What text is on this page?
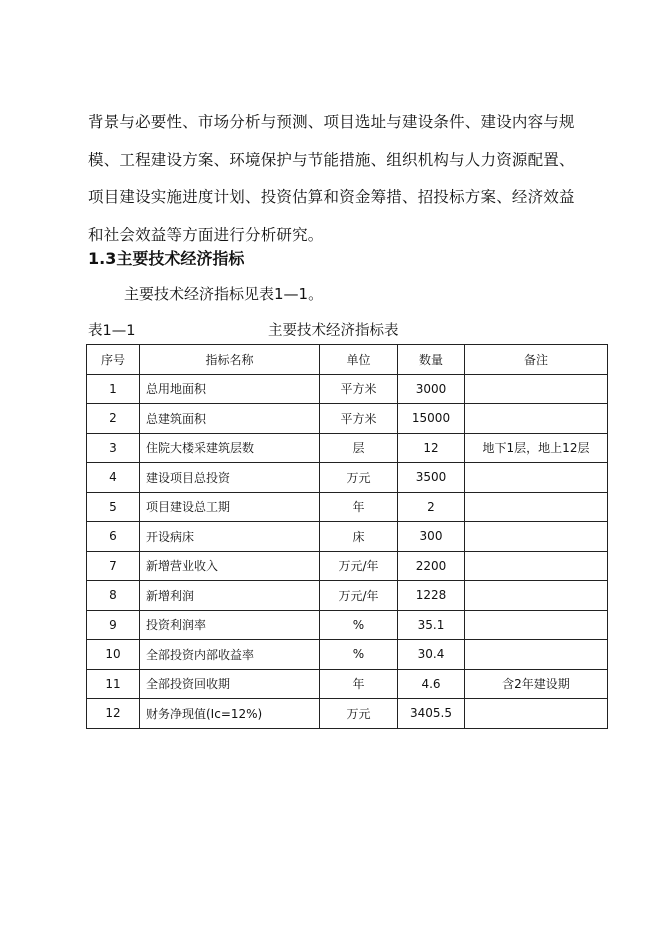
背景与必要性、市场分析与预测、项目选址与建设条件、建设内容与规模、工程建设方案、环境保护与节能措施、组织机构与人力资源配置、项目建设实施进度计划、投资估算和资金筹措、招投标方案、经济效益和社会效益等方面进行分析研究。

1.3主要技术经济指标
主要技术经济指标见表1—1。
表1—1	主要技术经济指标表
序号	指标名称	单位	数量	备注
1	总用地面积	平方米	3000	
2	总建筑面积	平方米	15000	
3	住院大楼采建筑层数	层	12	地下1层，地上12层
4	建设项目总投资	万元	3500	
5	项目建设总工期	年	2	
6	开设病床	床	300	
7	新增营业收入	万元/年	2200	
8	新增利润	万元/年	1228	
9	投资利润率	%	35.1	
10	全部投资内部收益率	%	30.4	
11	全部投资回收期	年	4.6	含2年建设期
12	财务净现值(Ic=12%)	万元	3405.5	
